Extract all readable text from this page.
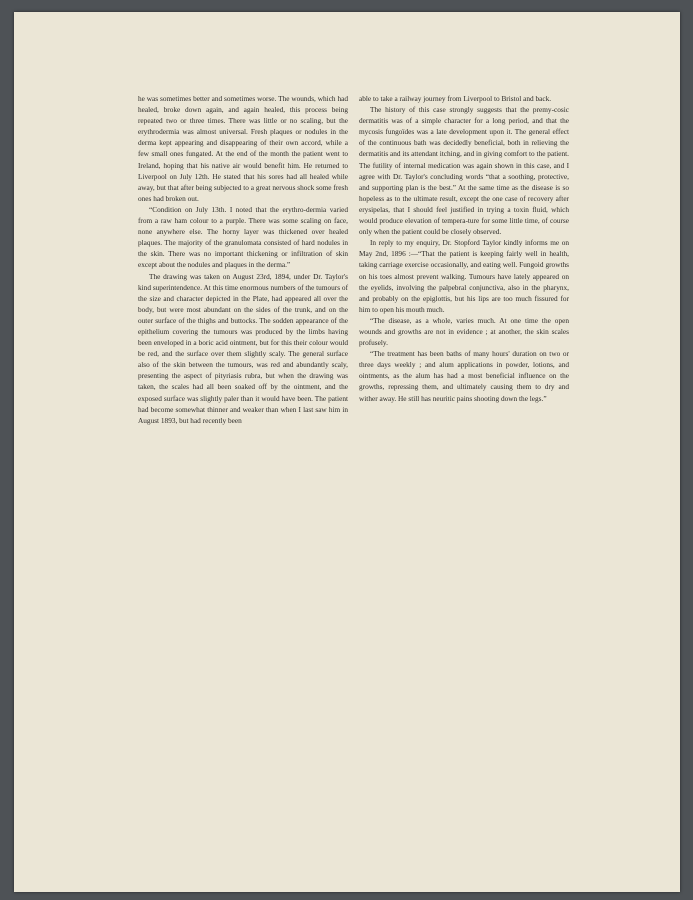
he was sometimes better and sometimes worse. The wounds, which had healed, broke down again, and again healed, this process being repeated two or three times. There was little or no scaling, but the erythrodermia was almost universal. Fresh plaques or nodules in the derma kept appearing and disappearing of their own accord, while a few small ones fungated. At the end of the month the patient went to Ireland, hoping that his native air would benefit him. He returned to Liverpool on July 12th. He stated that his sores had all healed while away, but that after being subjected to a great nervous shock some fresh ones had broken out.

“Condition on July 13th. I noted that the erythro-dermia varied from a raw ham colour to a purple. There was some scaling on face, none anywhere else. The horny layer was thickened over healed plaques. The majority of the granulomata consisted of hard nodules in the skin. There was no important thickening or infiltration of skin except about the nodules and plaques in the derma.”

The drawing was taken on August 23rd, 1894, under Dr. Taylor's kind superintendence. At this time enormous numbers of the tumours of the size and character depicted in the Plate, had appeared all over the body, but were most abundant on the sides of the trunk, and on the outer surface of the thighs and buttocks. The sodden appearance of the epithelium covering the tumours was produced by the limbs having been enveloped in a boric acid ointment, but for this their colour would be red, and the surface over them slightly scaly. The general surface also of the skin between the tumours, was red and abundantly scaly, presenting the aspect of pityriasis rubra, but when the drawing was taken, the scales had all been soaked off by the ointment, and the exposed surface was slightly paler than it would have been. The patient had become somewhat thinner and weaker than when I last saw him in August 1893, but had recently been

able to take a railway journey from Liverpool to Bristol and back.

The history of this case strongly suggests that the premy-cosic dermatitis was of a simple character for a long period, and that the mycosis fungoïdes was a late development upon it. The general effect of the continuous bath was decidedly beneficial, both in relieving the dermatitis and its attendant itching, and in giving comfort to the patient. The futility of internal medication was again shown in this case, and I agree with Dr. Taylor's concluding words “that a soothing, protective, and supporting plan is the best.” At the same time as the disease is so hopeless as to the ultimate result, except the one case of recovery after erysipelas, that I should feel justified in trying a toxin fluid, which would produce elevation of tempera-ture for some little time, of course only when the patient could be closely observed.

In reply to my enquiry, Dr. Stopford Taylor kindly informs me on May 2nd, 1896 :—“That the patient is keeping fairly well in health, taking carriage exercise occasionally, and eating well. Fungoid growths on his toes almost prevent walking. Tumours have lately appeared on the eyelids, involving the palpebral conjunctiva, also in the pharynx, and probably on the epiglottis, but his lips are too much fissured for him to open his mouth much.

“The disease, as a whole, varies much. At one time the open wounds and growths are not in evidence ; at another, the skin scales profusely.

“The treatment has been baths of many hours' duration on two or three days weekly ; and alum applications in powder, lotions, and ointments, as the alum has had a most beneficial influence on the growths, repressing them, and ultimately causing them to dry and wither away. He still has neuritic pains shooting down the legs.”
